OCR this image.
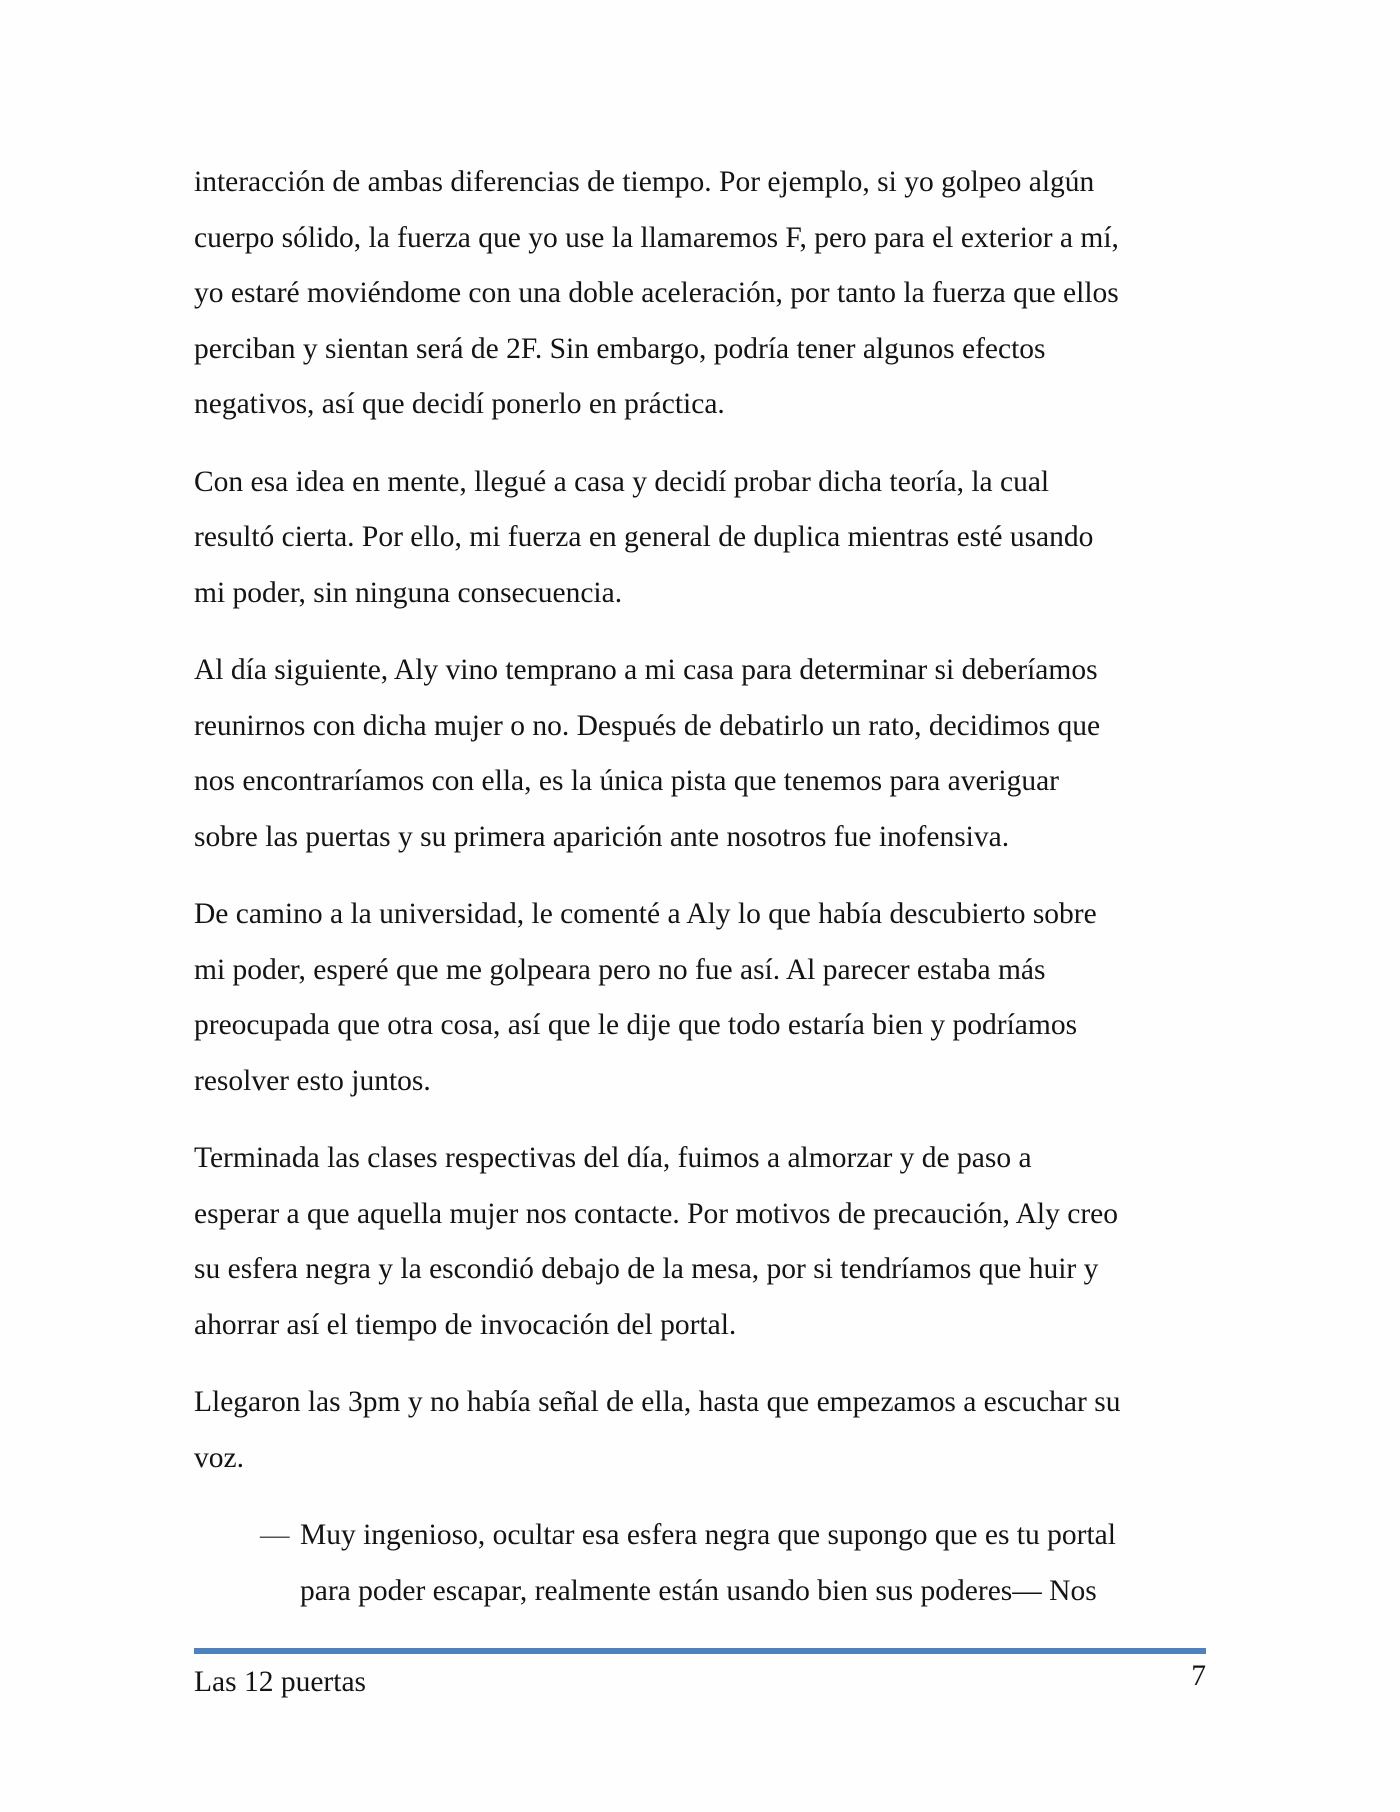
interacción de ambas diferencias de tiempo. Por ejemplo, si yo golpeo algún
cuerpo sólido, la fuerza que yo use la llamaremos F, pero para el exterior a mí,
yo estaré moviéndome con una doble aceleración, por tanto la fuerza que ellos
perciban y sientan será de 2F. Sin embargo, podría tener algunos efectos
negativos, así que decidí ponerlo en práctica.

Con esa idea en mente, llegué a casa y decidí probar dicha teoría, la cual
resultó cierta. Por ello, mi fuerza en general de duplica mientras esté usando
mi poder, sin ninguna consecuencia.

Al día siguiente, Aly vino temprano a mi casa para determinar si deberíamos
reunirnos con dicha mujer o no. Después de debatirlo un rato, decidimos que
nos encontraríamos con ella, es la única pista que tenemos para averiguar
sobre las puertas y su primera aparición ante nosotros fue inofensiva.

De camino a la universidad, le comenté a Aly lo que había descubierto sobre
mi poder, esperé que me golpeara pero no fue así. Al parecer estaba más
preocupada que otra cosa, así que le dije que todo estaría bien y podríamos
resolver esto juntos.

Terminada las clases respectivas del día, fuimos a almorzar y de paso a
esperar a que aquella mujer nos contacte. Por motivos de precaución, Aly creo
su esfera negra y la escondió debajo de la mesa, por si tendríamos que huir y
ahorrar así el tiempo de invocación del portal.

Llegaron las 3pm y no había señal de ella, hasta que empezamos a escuchar su
voz.

— Muy ingenioso, ocultar esa esfera negra que supongo que es tu portal
para poder escapar, realmente están usando bien sus poderes— Nos
Las 12 puertas	7
